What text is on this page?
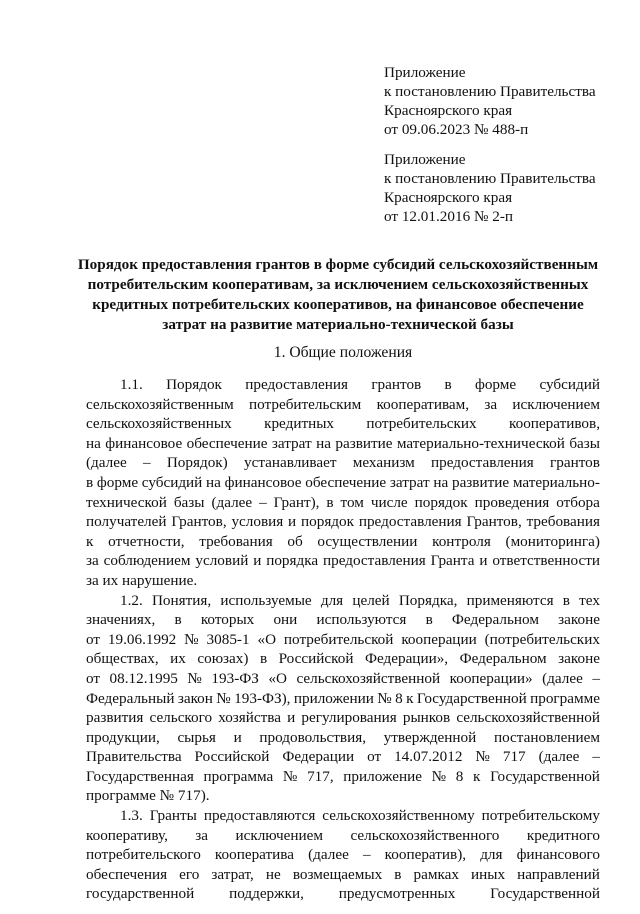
Приложение
к постановлению Правительства
Красноярского края
от 09.06.2023 № 488-п
Приложение
к постановлению Правительства
Красноярского края
от 12.01.2016 № 2-п
Порядок предоставления грантов в форме субсидий сельскохозяйственным
потребительским кооперативам, за исключением сельскохозяйственных
кредитных потребительских кооперативов, на финансовое обеспечение
затрат на развитие материально-технической базы
1. Общие положения
1.1. Порядок предоставления грантов в форме субсидий
сельскохозяйственным потребительским кооперативам, за исключением
сельскохозяйственных кредитных потребительских кооперативов,
на финансовое обеспечение затрат на развитие материально-технической базы
(далее – Порядок) устанавливает механизм предоставления грантов
в форме субсидий на финансовое обеспечение затрат на развитие материально-
технической базы (далее – Грант), в том числе порядок проведения отбора
получателей Грантов, условия и порядок предоставления Грантов, требования
к отчетности, требования об осуществлении контроля (мониторинга)
за соблюдением условий и порядка предоставления Гранта и ответственности
за их нарушение.
1.2. Понятия, используемые для целей Порядка, применяются в тех
значениях, в которых они используются в Федеральном законе
от 19.06.1992 № 3085-1 «О потребительской кооперации (потребительских
обществах, их союзах) в Российской Федерации», Федеральном законе
от 08.12.1995 № 193-ФЗ «О сельскохозяйственной кооперации» (далее –
Федеральный закон № 193-ФЗ), приложении № 8 к Государственной программе
развития сельского хозяйства и регулирования рынков сельскохозяйственной
продукции, сырья и продовольствия, утвержденной постановлением
Правительства Российской Федерации от 14.07.2012 № 717 (далее –
Государственная программа № 717, приложение № 8 к Государственной
программе № 717).
1.3. Гранты предоставляются сельскохозяйственному потребительскому
кооперативу, за исключением сельскохозяйственного кредитного
потребительского кооператива (далее – кооператив), для финансового
обеспечения его затрат, не возмещаемых в рамках иных направлений
государственной поддержки, предусмотренных Государственной
